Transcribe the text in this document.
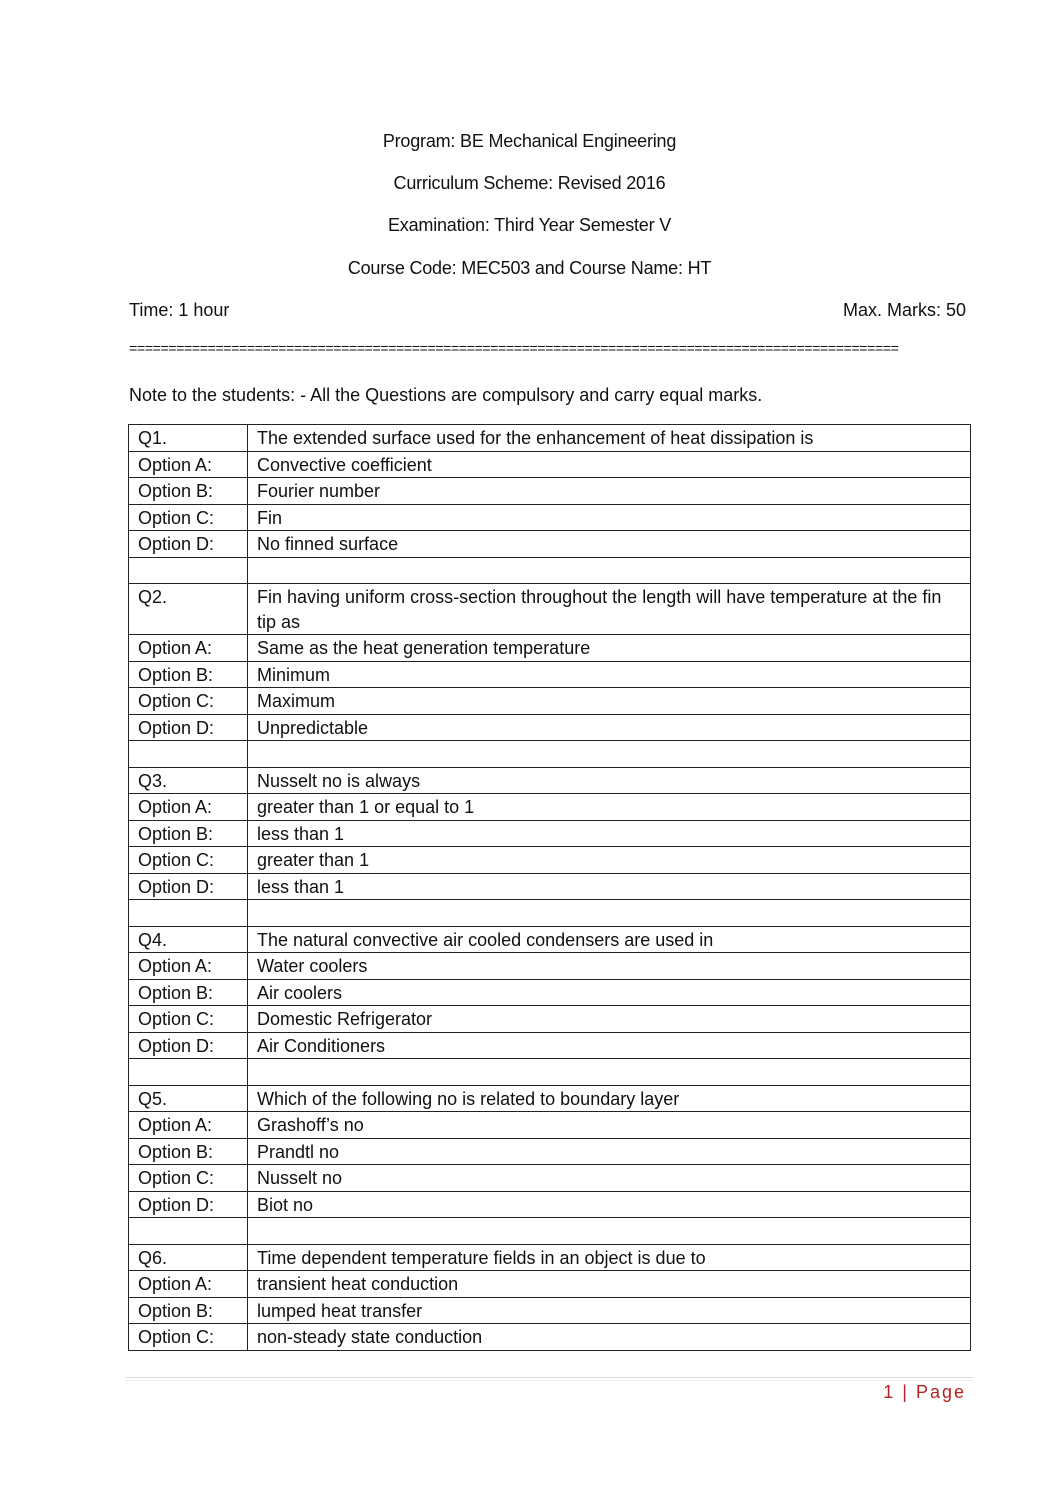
Program: BE Mechanical Engineering
Curriculum Scheme: Revised 2016
Examination: Third Year Semester V
Course Code: MEC503 and Course Name: HT
Time: 1 hour	Max. Marks: 50
==================================================================================================
Note to the students: - All the Questions are compulsory and carry equal marks.
Q1.	The extended surface used for the enhancement of heat dissipation is
Option A:	Convective coefficient
Option B:	Fourier number
Option C:	Fin
Option D:	No finned surface

Q2.	Fin having uniform cross-section throughout the length will have temperature at the fin tip as
Option A:	Same as the heat generation temperature
Option B:	Minimum
Option C:	Maximum
Option D:	Unpredictable

Q3.	Nusselt no is always
Option A:	greater than 1 or equal to 1
Option B:	less than 1
Option C:	greater than 1
Option D:	less than 1

Q4.	The natural convective air cooled condensers are used in
Option A:	Water coolers
Option B:	Air coolers
Option C:	Domestic Refrigerator
Option D:	Air Conditioners

Q5.	Which of the following no is related to boundary layer
Option A:	Grashoff’s no
Option B:	Prandtl no
Option C:	Nusselt no
Option D:	Biot no

Q6.	Time dependent temperature fields in an object is due to
Option A:	transient heat conduction
Option B:	lumped heat transfer
Option C:	non-steady state conduction
1 | Page
